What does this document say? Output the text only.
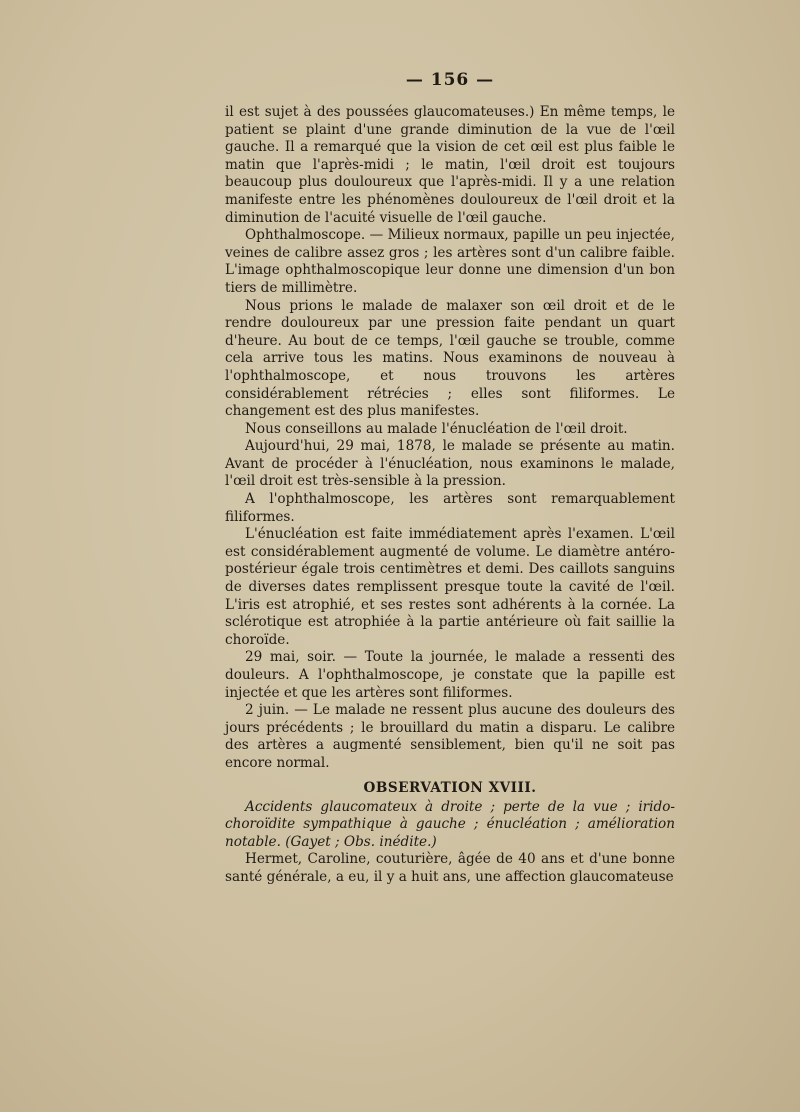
— 156 —

il est sujet à des poussées glaucomateuses.) En même temps, le patient se plaint d'une grande diminution de la vue de l'œil gauche. Il a remarqué que la vision de cet œil est plus faible le matin que l'après-midi ; le matin, l'œil droit est toujours beaucoup plus douloureux que l'après-midi. Il y a une relation manifeste entre les phénomènes douloureux de l'œil droit et la diminution de l'acuité visuelle de l'œil gauche.

Ophthalmoscope. — Milieux normaux, papille un peu injectée, veines de calibre assez gros ; les artères sont d'un calibre faible. L'image ophthalmoscopique leur donne une dimension d'un bon tiers de millimètre.

Nous prions le malade de malaxer son œil droit et de le rendre douloureux par une pression faite pendant un quart d'heure. Au bout de ce temps, l'œil gauche se trouble, comme cela arrive tous les matins. Nous examinons de nouveau à l'ophthalmoscope, et nous trouvons les artères considérablement rétrécies ; elles sont filiformes. Le changement est des plus manifestes.

Nous conseillons au malade l'énucléation de l'œil droit.

Aujourd'hui, 29 mai, 1878, le malade se présente au matin. Avant de procéder à l'énucléation, nous examinons le malade, l'œil droit est très-sensible à la pression.

A l'ophthalmoscope, les artères sont remarquablement filiformes.

L'énucléation est faite immédiatement après l'examen. L'œil est considérablement augmenté de volume. Le diamètre antéro-postérieur égale trois centimètres et demi. Des caillots sanguins de diverses dates remplissent presque toute la cavité de l'œil. L'iris est atrophié, et ses restes sont adhérents à la cornée. La sclérotique est atrophiée à la partie antérieure où fait saillie la choroïde.

29 mai, soir. — Toute la journée, le malade a ressenti des douleurs. A l'ophthalmoscope, je constate que la papille est injectée et que les artères sont filiformes.

2 juin. — Le malade ne ressent plus aucune des douleurs des jours précédents ; le brouillard du matin a disparu. Le calibre des artères a augmenté sensiblement, bien qu'il ne soit pas encore normal.

OBSERVATION XVIII.

Accidents glaucomateux à droite ; perte de la vue ; irido-choroïdite sympathique à gauche ; énucléation ; amélioration notable. (Gayet ; Obs. inédite.)

Hermet, Caroline, couturière, âgée de 40 ans et d'une bonne santé générale, a eu, il y a huit ans, une affection glaucomateuse
